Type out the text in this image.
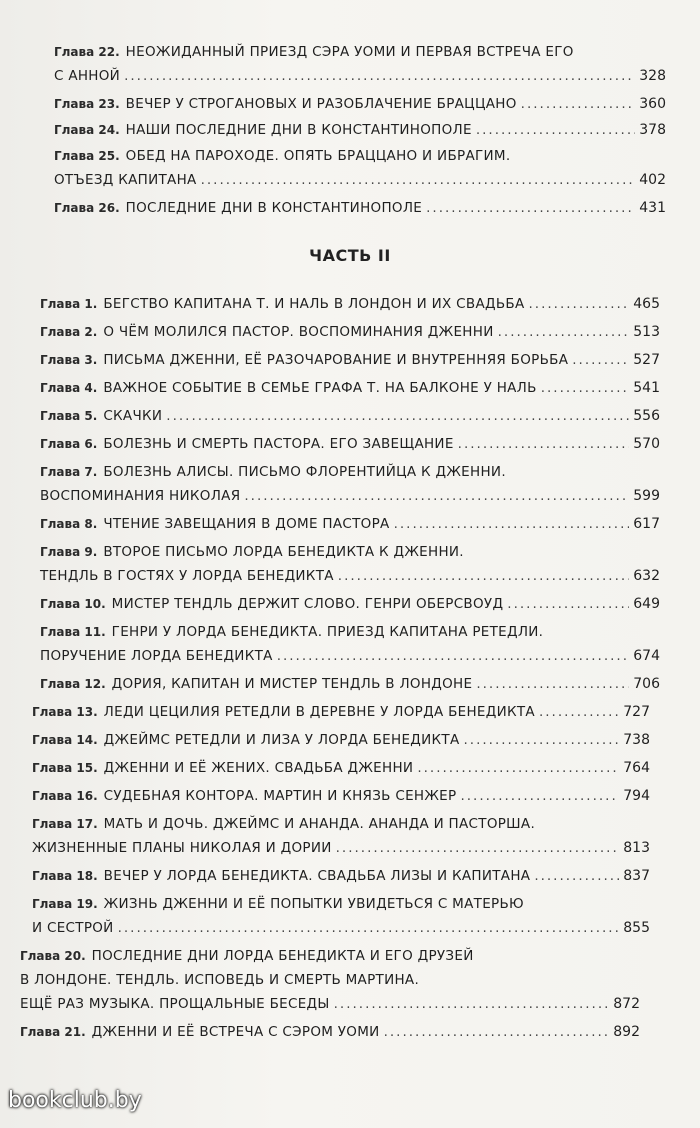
Глава 22. НЕОЖИДАННЫЙ ПРИЕЗД СЭРА УОМИ И ПЕРВАЯ ВСТРЕЧА ЕГО
С АННОЙ .....	328
Глава 23. ВЕЧЕР У СТРОГАНОВЫХ И РАЗОБЛАЧЕНИЕ БРАЦЦАНО .....	360
Глава 24. НАШИ ПОСЛЕДНИЕ ДНИ В КОНСТАНТИНОПОЛЕ .....	378
Глава 25. ОБЕД НА ПАРОХОДЕ. ОПЯТЬ БРАЦЦАНО И ИБРАГИМ.
ОТЪЕЗД КАПИТАНА .....	402
Глава 26. ПОСЛЕДНИЕ ДНИ В КОНСТАНТИНОПОЛЕ .....	431
Глава 1. БЕГСТВО КАПИТАНА Т. И НАЛЬ В ЛОНДОН И ИХ СВАДЬБА .....	465
Глава 2. О ЧЁМ МОЛИЛСЯ ПАСТОР. ВОСПОМИНАНИЯ ДЖЕННИ .....	513
Глава 3. ПИСЬМА ДЖЕННИ, ЕЁ РАЗОЧАРОВАНИЕ И ВНУТРЕННЯЯ БОРЬБА .....	527
Глава 4. ВАЖНОЕ СОБЫТИЕ В СЕМЬЕ ГРАФА Т. НА БАЛКОНЕ У НАЛЬ .....	541
Глава 5. СКАЧКИ .....	556
Глава 6. БОЛЕЗНЬ И СМЕРТЬ ПАСТОРА. ЕГО ЗАВЕЩАНИЕ .....	570
Глава 7. БОЛЕЗНЬ АЛИСЫ. ПИСЬМО ФЛОРЕНТИЙЦА К ДЖЕННИ.
ВОСПОМИНАНИЯ НИКОЛАЯ .....	599
Глава 8. ЧТЕНИЕ ЗАВЕЩАНИЯ В ДОМЕ ПАСТОРА .....	617
Глава 9. ВТОРОЕ ПИСЬМО ЛОРДА БЕНЕДИКТА К ДЖЕННИ.
ТЕНДЛЬ В ГОСТЯХ У ЛОРДА БЕНЕДИКТА .....	632
Глава 10. МИСТЕР ТЕНДЛЬ ДЕРЖИТ СЛОВО. ГЕНРИ ОБЕРСВОУД .....	649
Глава 11. ГЕНРИ У ЛОРДА БЕНЕДИКТА. ПРИЕЗД КАПИТАНА РЕТЕДЛИ.
ПОРУЧЕНИЕ ЛОРДА БЕНЕДИКТА .....	674
Глава 12. ДОРИЯ, КАПИТАН И МИСТЕР ТЕНДЛЬ В ЛОНДОНЕ .....	706
Глава 13. ЛЕДИ ЦЕЦИЛИЯ РЕТЕДЛИ В ДЕРЕВНЕ У ЛОРДА БЕНЕДИКТА .....	727
Глава 14. ДЖЕЙМС РЕТЕДЛИ И ЛИЗА У ЛОРДА БЕНЕДИКТА .....	738
Глава 15. ДЖЕННИ И ЕЁ ЖЕНИХ. СВАДЬБА ДЖЕННИ .....	764
Глава 16. СУДЕБНАЯ КОНТОРА. МАРТИН И КНЯЗЬ СЕНЖЕР .....	794
Глава 17. МАТЬ И ДОЧЬ. ДЖЕЙМС И АНАНДА. АНАНДА И ПАСТОРША.
ЖИЗНЕННЫЕ ПЛАНЫ НИКОЛАЯ И ДОРИИ .....	813
Глава 18. ВЕЧЕР У ЛОРДА БЕНЕДИКТА. СВАДЬБА ЛИЗЫ И КАПИТАНА .....	837
Глава 19. ЖИЗНЬ ДЖЕННИ И ЕЁ ПОПЫТКИ УВИДЕТЬСЯ С МАТЕРЬЮ
И СЕСТРОЙ .....	855
Глава 20. ПОСЛЕДНИЕ ДНИ ЛОРДА БЕНЕДИКТА И ЕГО ДРУЗЕЙ
В ЛОНДОНЕ. ТЕНДЛЬ. ИСПОВЕДЬ И СМЕРТЬ МАРТИНА.
ЕЩЁ РАЗ МУЗЫКА. ПРОЩАЛЬНЫЕ БЕСЕДЫ .....	872
Глава 21. ДЖЕННИ И ЕЁ ВСТРЕЧА С СЭРОМ УОМИ .....	892
ЧАСТЬ II
bookclub.by
